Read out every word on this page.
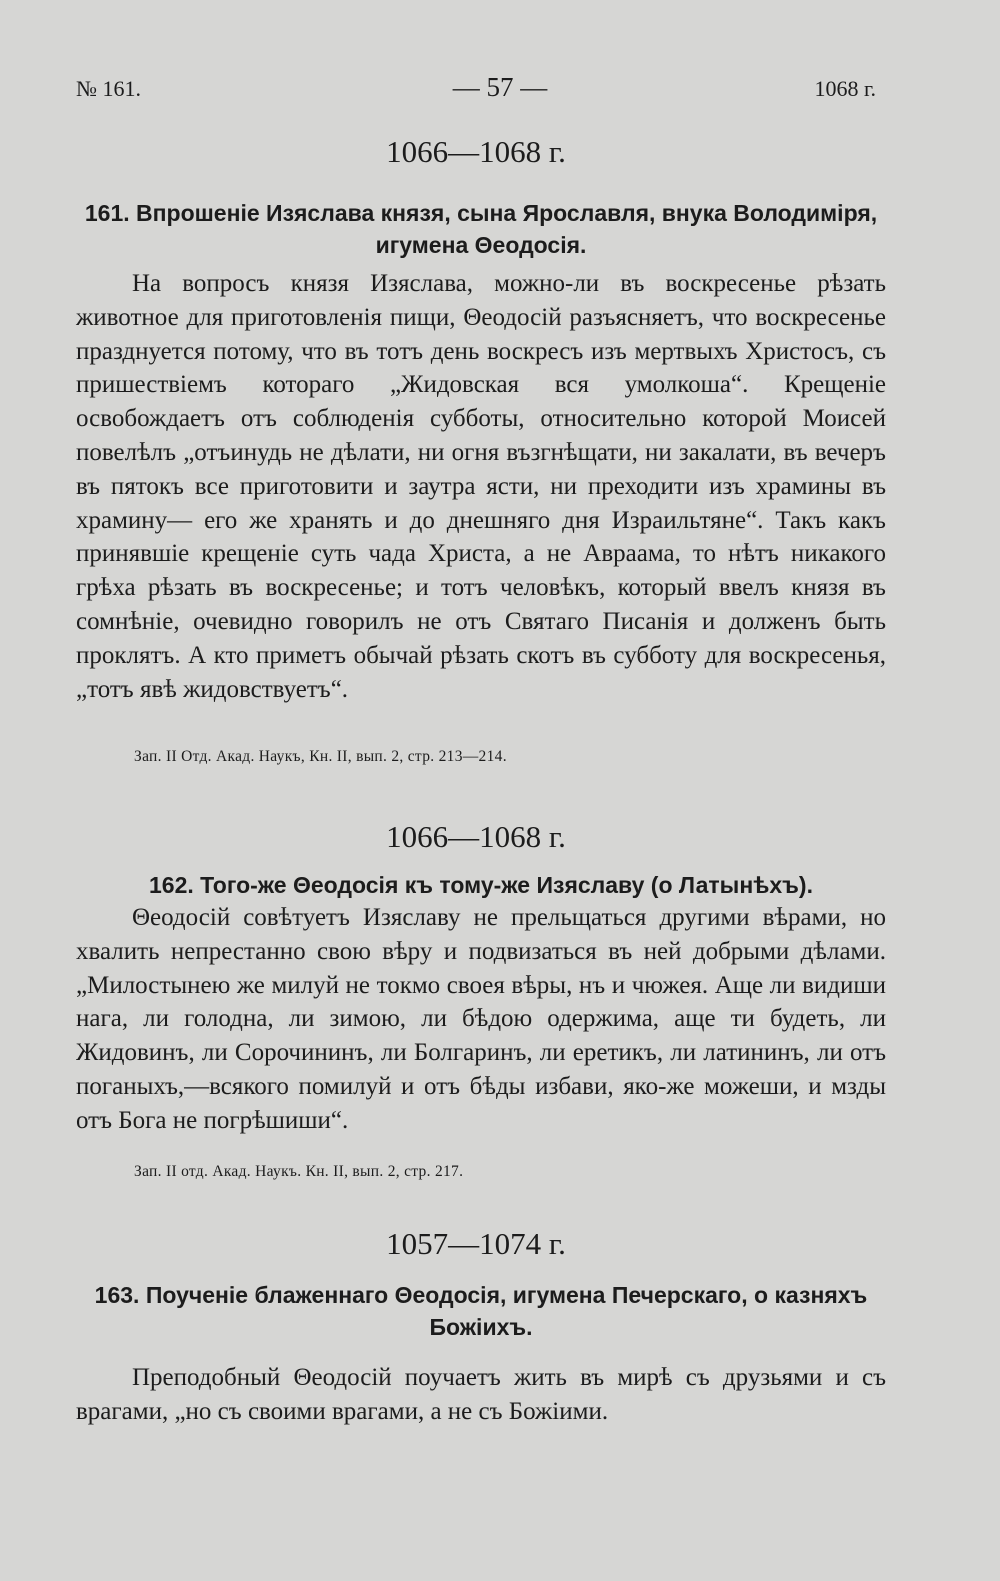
№ 161.	— 57 —	1068 г.
1066—1068 г.
161. Впрошеніе Изяслава князя, сына Ярославля, внука Володиміря, игумена Θеодосія.

На вопросъ князя Изяслава, можно-ли въ воскресенье рѣзать животное для приготовленія пищи, Θеодосій разъясняетъ, что воскресенье празднуется потому, что въ тотъ день воскресъ изъ мертвыхъ Христосъ, съ пришествіемъ котораго „Жидовская вся умолкоша“. Крещеніе освобождаетъ отъ соблюденія субботы, относительно которой Моисей повелѣлъ „отъинудь не дѣлати, ни огня възгнѣщати, ни закалати, въ вечеръ въ пятокъ все приготовити и заутра ясти, ни преходити изъ храмины въ храмину— его же хранять и до днешняго дня Израильтяне“. Такъ какъ принявшіе крещеніе суть чада Христа, а не Авраама, то нѣтъ никакого грѣха рѣзать въ воскресенье; и тотъ человѣкъ, который ввелъ князя въ сомнѣніе, очевидно говорилъ не отъ Святаго Писанія и долженъ быть проклятъ. А кто приметъ обычай рѣзать скотъ въ субботу для воскресенья, „тотъ явѣ жидовствуетъ“.

Зап. II Отд. Акад. Наукъ, Кн. II, вып. 2, стр. 213—214.
1066—1068 г.
162. Того-же Θеодосія къ тому-же Изяславу (о Латынѣхъ).

Θеодосій совѣтуетъ Изяславу не прельщаться другими вѣрами, но хвалить непрестанно свою вѣру и подвизаться въ ней добрыми дѣлами. „Милостынею же милуй не токмо своея вѣры, нъ и чюжея. Аще ли видиши нага, ли голодна, ли зимою, ли бѣдою одержима, аще ти будеть, ли Жидовинъ, ли Сорочининъ, ли Болгаринъ, ли еретикъ, ли латининъ, ли отъ поганыхъ,—всякого помилуй и отъ бѣды избави, яко-же можеши, и мзды отъ Бога не погрѣшиши“.

Зап. II отд. Акад. Наукъ. Кн. II, вып. 2, стр. 217.
1057—1074 г.
163. Поученіе блаженнаго Θеодосія, игумена Печерскаго, о казняхъ Божіихъ.

Преподобный Θеодосій поучаетъ жить въ мирѣ съ друзьями и съ врагами, „но съ своими врагами, а не съ Божіими.
